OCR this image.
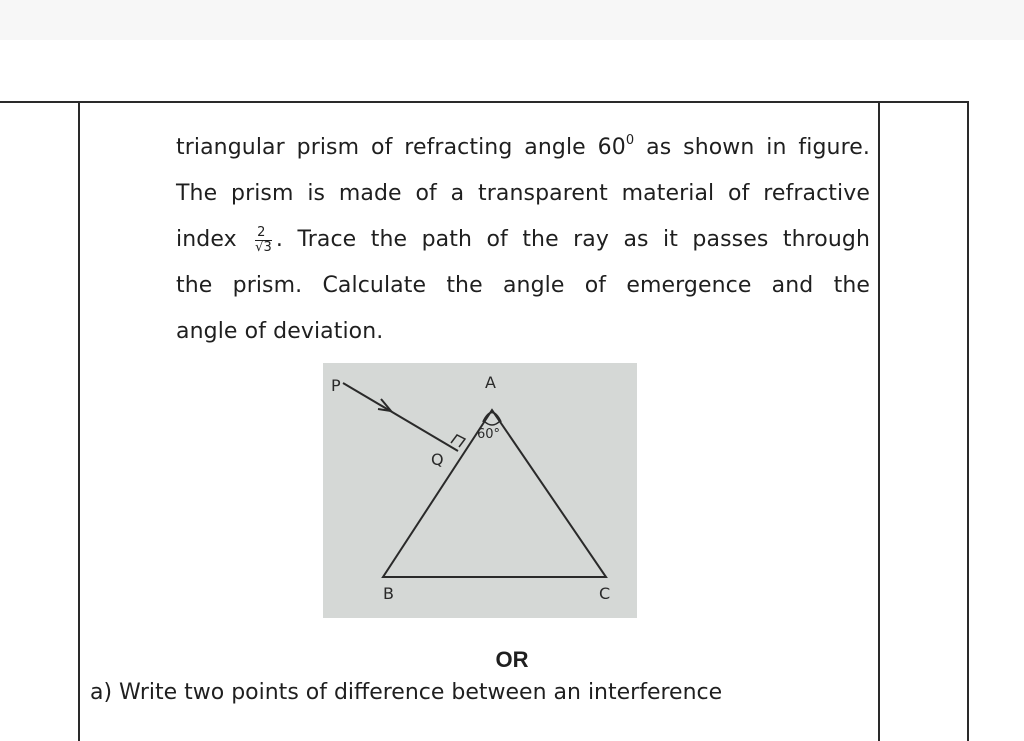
triangular prism of refracting angle $60^0$ as shown in figure.
The prism is made of a transparent material of refractive
index $\frac{2}{√3}$ . Trace the path of the ray as it passes through
the prism. Calculate the angle of emergence and the
angle of deviation.
P	A
Q
60°
B	C
OR
a) Write two points of difference between an interference
